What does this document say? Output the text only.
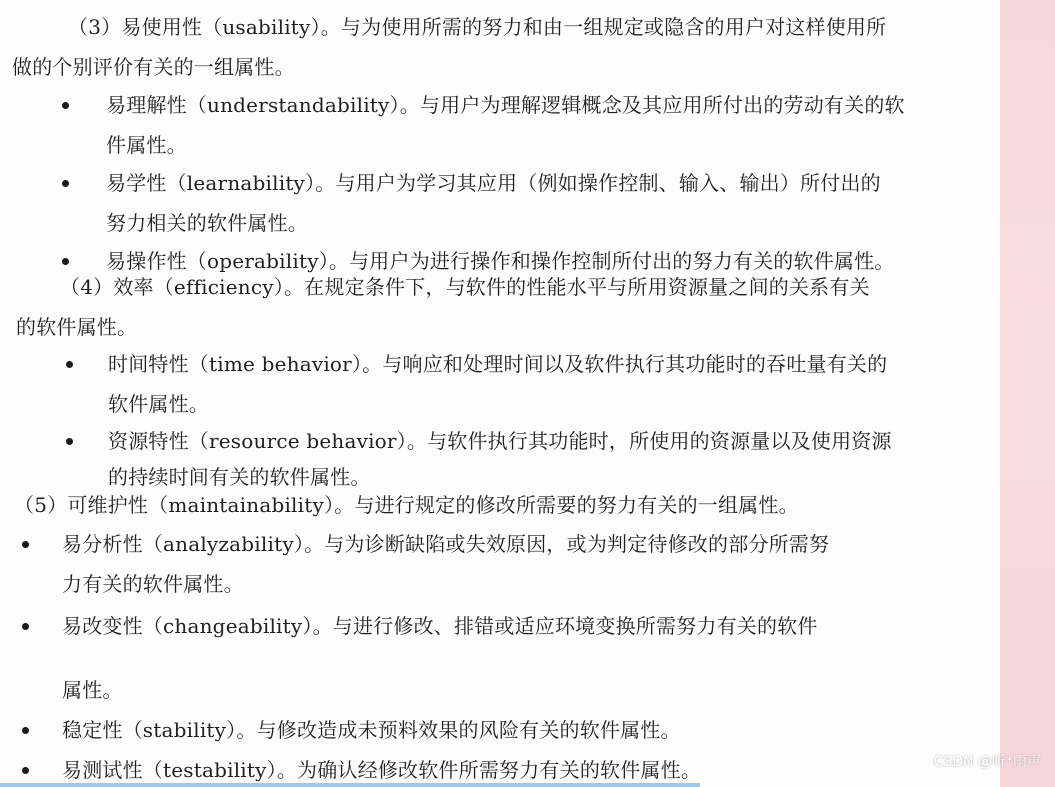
（3）易使用性（usability）。与为使用所需的努力和由一组规定或隐含的用户对这样使用所
做的个别评价有关的一组属性。
易理解性（understandability）。与用户为理解逻辑概念及其应用所付出的劳动有关的软
件属性。
易学性（learnability）。与用户为学习其应用（例如操作控制、输入、输出）所付出的
努力相关的软件属性。
易操作性（operability）。与用户为进行操作和操作控制所付出的努力有关的软件属性。
（4）效率（efficiency）。在规定条件下，与软件的性能水平与所用资源量之间的关系有关
的软件属性。
时间特性（time behavior）。与响应和处理时间以及软件执行其功能时的吞吐量有关的
软件属性。
资源特性（resource behavior）。与软件执行其功能时，所使用的资源量以及使用资源
的持续时间有关的软件属性。
（5）可维护性（maintainability）。与进行规定的修改所需要的努力有关的一组属性。
易分析性（analyzability）。与为诊断缺陷或失效原因，或为判定待修改的部分所需努
力有关的软件属性。
易改变性（changeability）。与进行修改、排错或适应环境变换所需努力有关的软件
属性。
稳定性（stability）。与修改造成未预料效果的风险有关的软件属性。
易测试性（testability）。为确认经修改软件所需努力有关的软件属性。	CSDN @听*雨声
